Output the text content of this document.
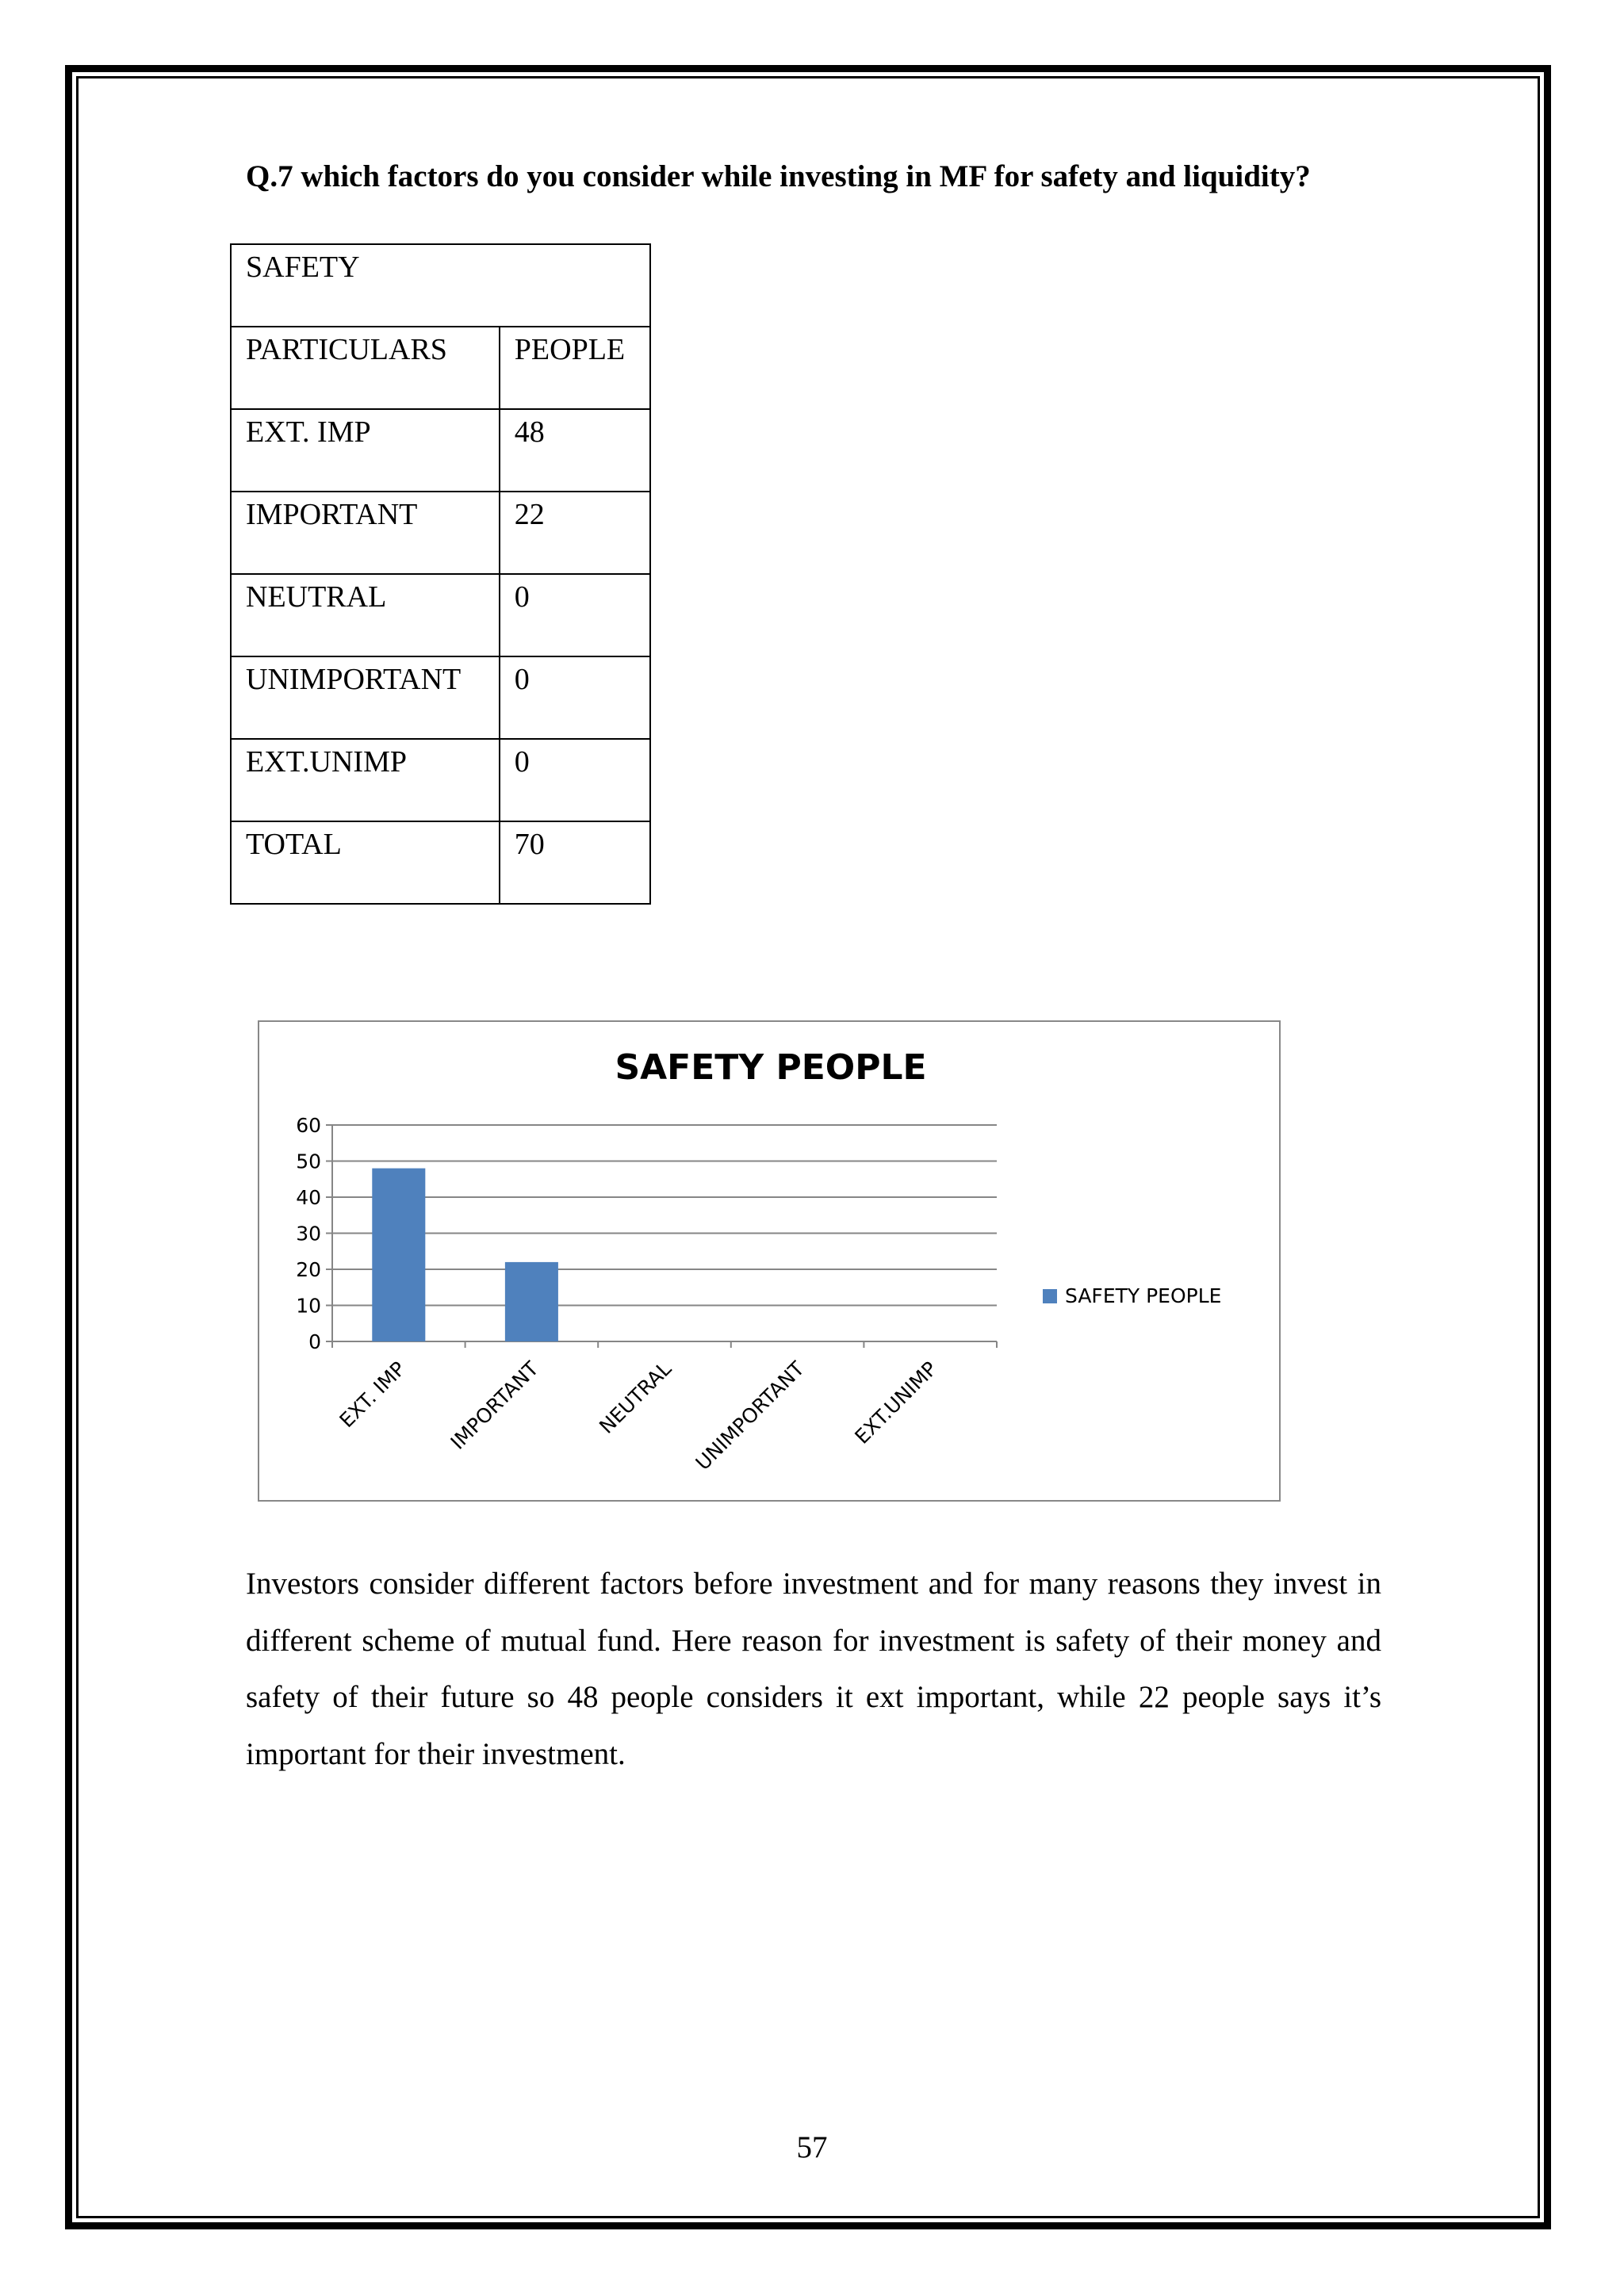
Q.7 which factors do you consider while investing in MF for safety and liquidity?
SAFETY	
PARTICULARS	PEOPLE
EXT. IMP	48
IMPORTANT	22
NEUTRAL	0
UNIMPORTANT	0
EXT.UNIMP	0
TOTAL	70
SAFETY PEOPLE
0
10
20
30
40
50
60
EXT. IMP IMPORTANT	NEUTRAL UNIMPORTANT EXT.UNIMP
SAFETY PEOPLE
Investors consider different factors before investment and for many reasons they invest in different scheme of mutual fund. Here reason for investment is safety of their money and safety of their future so 48 people considers it ext important, while 22 people says it’s important for their investment.
57
